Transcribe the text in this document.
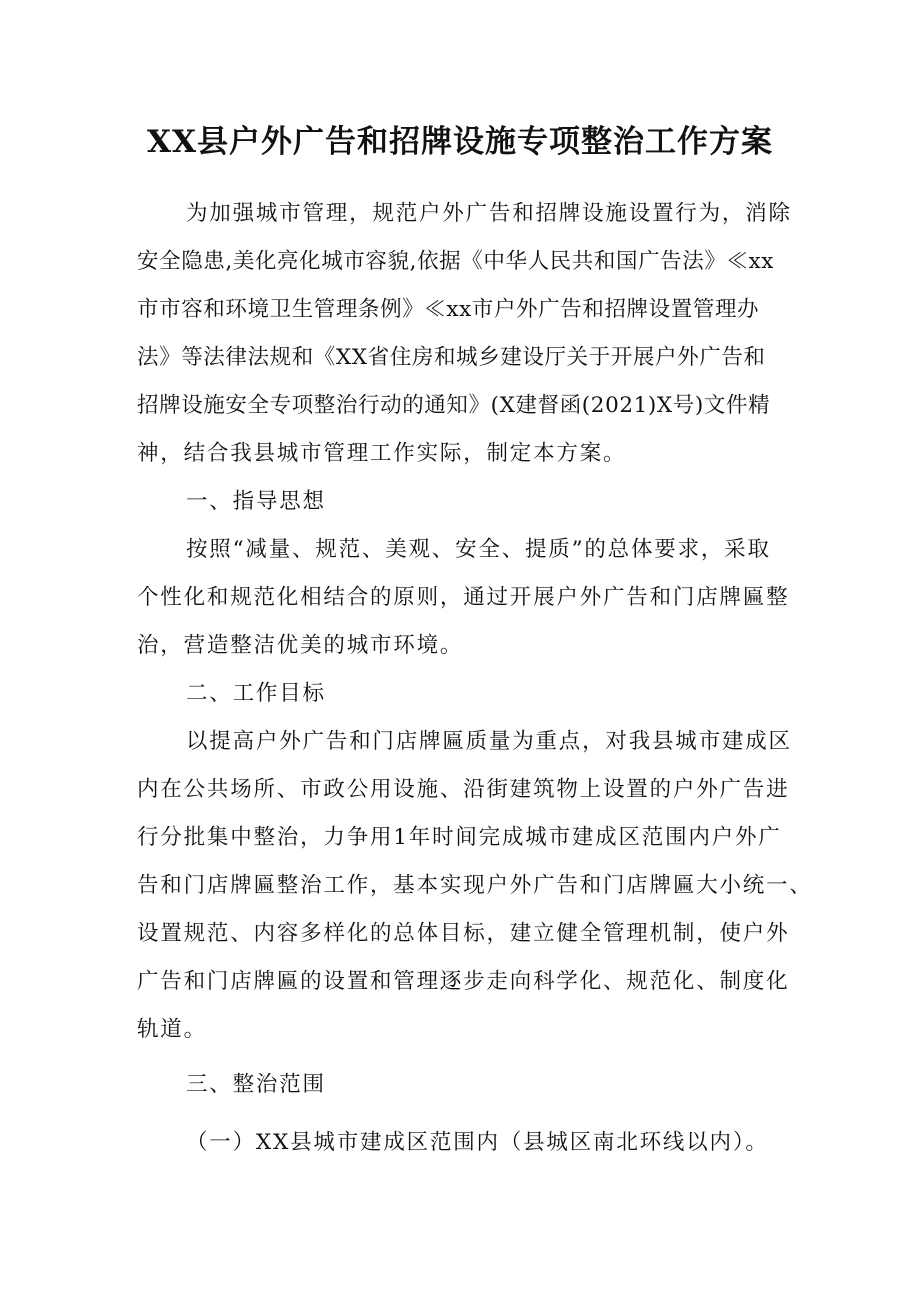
XX县户外广告和招牌设施专项整治工作方案
为加强城市管理，规范户外广告和招牌设施设置行为，消除
安全隐患,美化亮化城市容貌,依据《中华人民共和国广告法》≪xx
市市容和环境卫生管理条例》≪xx市户外广告和招牌设置管理办
法》等法律法规和《XX省住房和城乡建设厅关于开展户外广告和
招牌设施安全专项整治行动的通知》(X建督函(2021)X号)文件精
神，结合我县城市管理工作实际，制定本方案。
一、指导思想
按照“减量、规范、美观、安全、提质”的总体要求，采取
个性化和规范化相结合的原则，通过开展户外广告和门店牌匾整
治，营造整洁优美的城市环境。
二、工作目标
以提高户外广告和门店牌匾质量为重点，对我县城市建成区
内在公共场所、市政公用设施、沿街建筑物上设置的户外广告进
行分批集中整治，力争用1年时间完成城市建成区范围内户外广
告和门店牌匾整治工作，基本实现户外广告和门店牌匾大小统一、
设置规范、内容多样化的总体目标，建立健全管理机制，使户外
广告和门店牌匾的设置和管理逐步走向科学化、规范化、制度化
轨道。
三、整治范围
（一）XX县城市建成区范围内（县城区南北环线以内）。
